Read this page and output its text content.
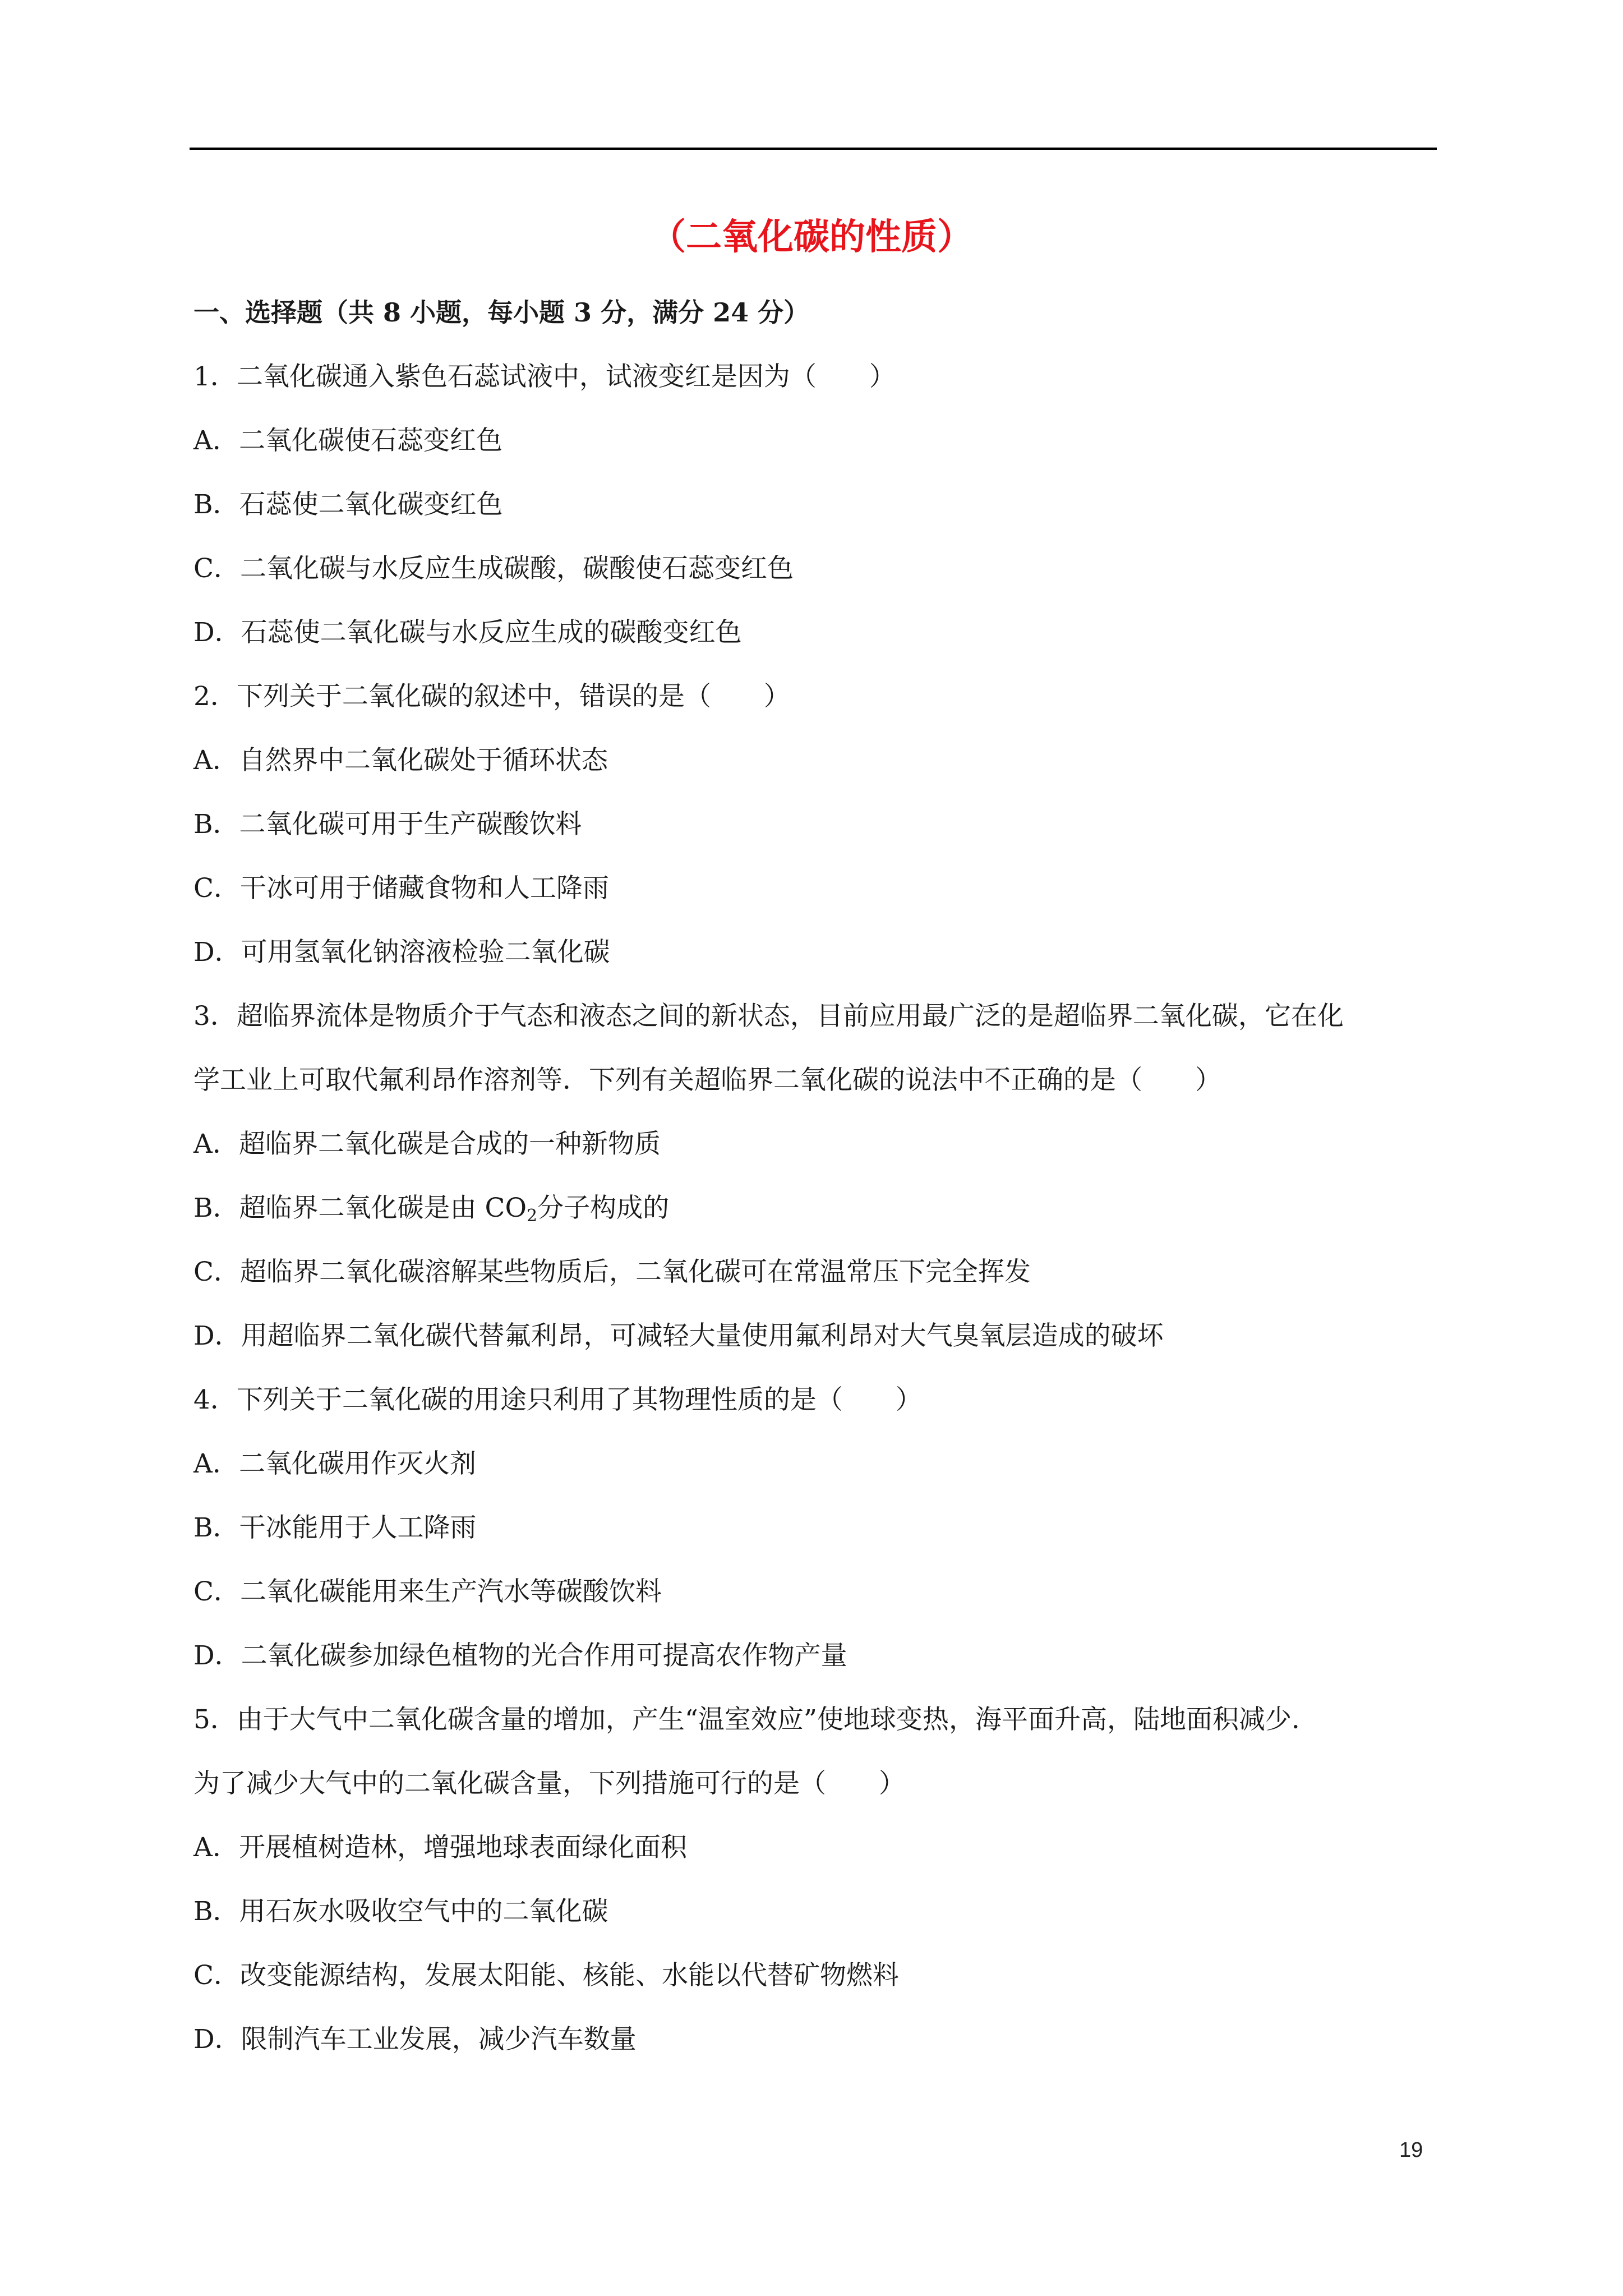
（二氧化碳的性质）
一、选择题（共 8 小题，每小题 3 分，满分 24 分）
1．二氧化碳通入紫色石蕊试液中，试液变红是因为（　　）
A．二氧化碳使石蕊变红色
B．石蕊使二氧化碳变红色
C．二氧化碳与水反应生成碳酸，碳酸使石蕊变红色
D．石蕊使二氧化碳与水反应生成的碳酸变红色
2．下列关于二氧化碳的叙述中，错误的是（　　）
A．自然界中二氧化碳处于循环状态
B．二氧化碳可用于生产碳酸饮料
C．干冰可用于储藏食物和人工降雨
D．可用氢氧化钠溶液检验二氧化碳
3．超临界流体是物质介于气态和液态之间的新状态，目前应用最广泛的是超临界二氧化碳，它在化
学工业上可取代氟利昂作溶剂等．下列有关超临界二氧化碳的说法中不正确的是（　　）
A．超临界二氧化碳是合成的一种新物质
B．超临界二氧化碳是由 $CO_2$分子构成的
C．超临界二氧化碳溶解某些物质后，二氧化碳可在常温常压下完全挥发
D．用超临界二氧化碳代替氟利昂，可减轻大量使用氟利昂对大气臭氧层造成的破坏
4．下列关于二氧化碳的用途只利用了其物理性质的是（　　）
A．二氧化碳用作灭火剂
B．干冰能用于人工降雨
C．二氧化碳能用来生产汽水等碳酸饮料
D．二氧化碳参加绿色植物的光合作用可提高农作物产量
5．由于大气中二氧化碳含量的增加，产生“温室效应”使地球变热，海平面升高，陆地面积减少．
为了减少大气中的二氧化碳含量，下列措施可行的是（　　）
A．开展植树造林，增强地球表面绿化面积
B．用石灰水吸收空气中的二氧化碳
C．改变能源结构，发展太阳能、核能、水能以代替矿物燃料
D．限制汽车工业发展，减少汽车数量
19
